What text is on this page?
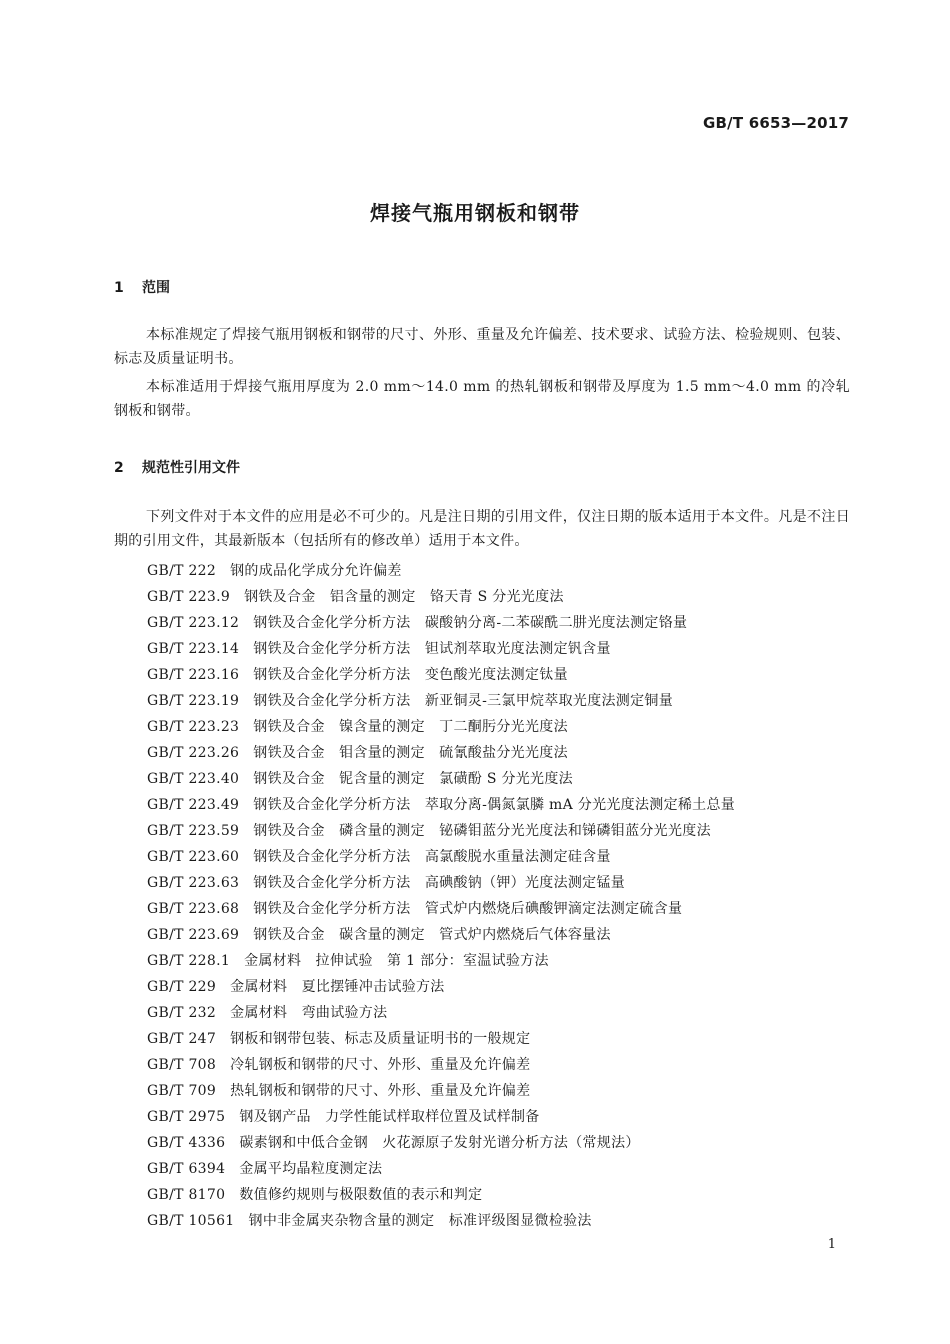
GB/T 6653—2017
焊接气瓶用钢板和钢带
1 范围

本标准规定了焊接气瓶用钢板和钢带的尺寸、外形、重量及允许偏差、技术要求、试验方法、检验规则、包装、标志及质量证明书。

本标准适用于焊接气瓶用厚度为 2.0 mm～14.0 mm 的热轧钢板和钢带及厚度为 1.5 mm～4.0 mm 的冷轧钢板和钢带。

2 规范性引用文件

下列文件对于本文件的应用是必不可少的。凡是注日期的引用文件，仅注日期的版本适用于本文件。凡是不注日期的引用文件，其最新版本（包括所有的修改单）适用于本文件。

GB/T 222 钢的成品化学成分允许偏差
GB/T 223.9 钢铁及合金　铝含量的测定　铬天青 S 分光光度法
GB/T 223.12 钢铁及合金化学分析方法　碳酸钠分离-二苯碳酰二肼光度法测定铬量
GB/T 223.14 钢铁及合金化学分析方法　钽试剂萃取光度法测定钒含量
GB/T 223.16 钢铁及合金化学分析方法　变色酸光度法测定钛量
GB/T 223.19 钢铁及合金化学分析方法　新亚铜灵-三氯甲烷萃取光度法测定铜量
GB/T 223.23 钢铁及合金　镍含量的测定　丁二酮肟分光光度法
GB/T 223.26 钢铁及合金　钼含量的测定　硫氰酸盐分光光度法
GB/T 223.40 钢铁及合金　铌含量的测定　氯磺酚 S 分光光度法
GB/T 223.49 钢铁及合金化学分析方法　萃取分离-偶氮氯膦 mA 分光光度法测定稀土总量
GB/T 223.59 钢铁及合金　磷含量的测定　铋磷钼蓝分光光度法和锑磷钼蓝分光光度法
GB/T 223.60 钢铁及合金化学分析方法　高氯酸脱水重量法测定硅含量
GB/T 223.63 钢铁及合金化学分析方法　高碘酸钠（钾）光度法测定锰量
GB/T 223.68 钢铁及合金化学分析方法　管式炉内燃烧后碘酸钾滴定法测定硫含量
GB/T 223.69 钢铁及合金　碳含量的测定　管式炉内燃烧后气体容量法
GB/T 228.1 金属材料　拉伸试验　第 1 部分：室温试验方法
GB/T 229 金属材料　夏比摆锤冲击试验方法
GB/T 232 金属材料　弯曲试验方法
GB/T 247 钢板和钢带包装、标志及质量证明书的一般规定
GB/T 708 冷轧钢板和钢带的尺寸、外形、重量及允许偏差
GB/T 709 热轧钢板和钢带的尺寸、外形、重量及允许偏差
GB/T 2975 钢及钢产品　力学性能试样取样位置及试样制备
GB/T 4336 碳素钢和中低合金钢　火花源原子发射光谱分析方法（常规法）
GB/T 6394 金属平均晶粒度测定法
GB/T 8170 数值修约规则与极限数值的表示和判定
GB/T 10561 钢中非金属夹杂物含量的测定　标准评级图显微检验法
1
